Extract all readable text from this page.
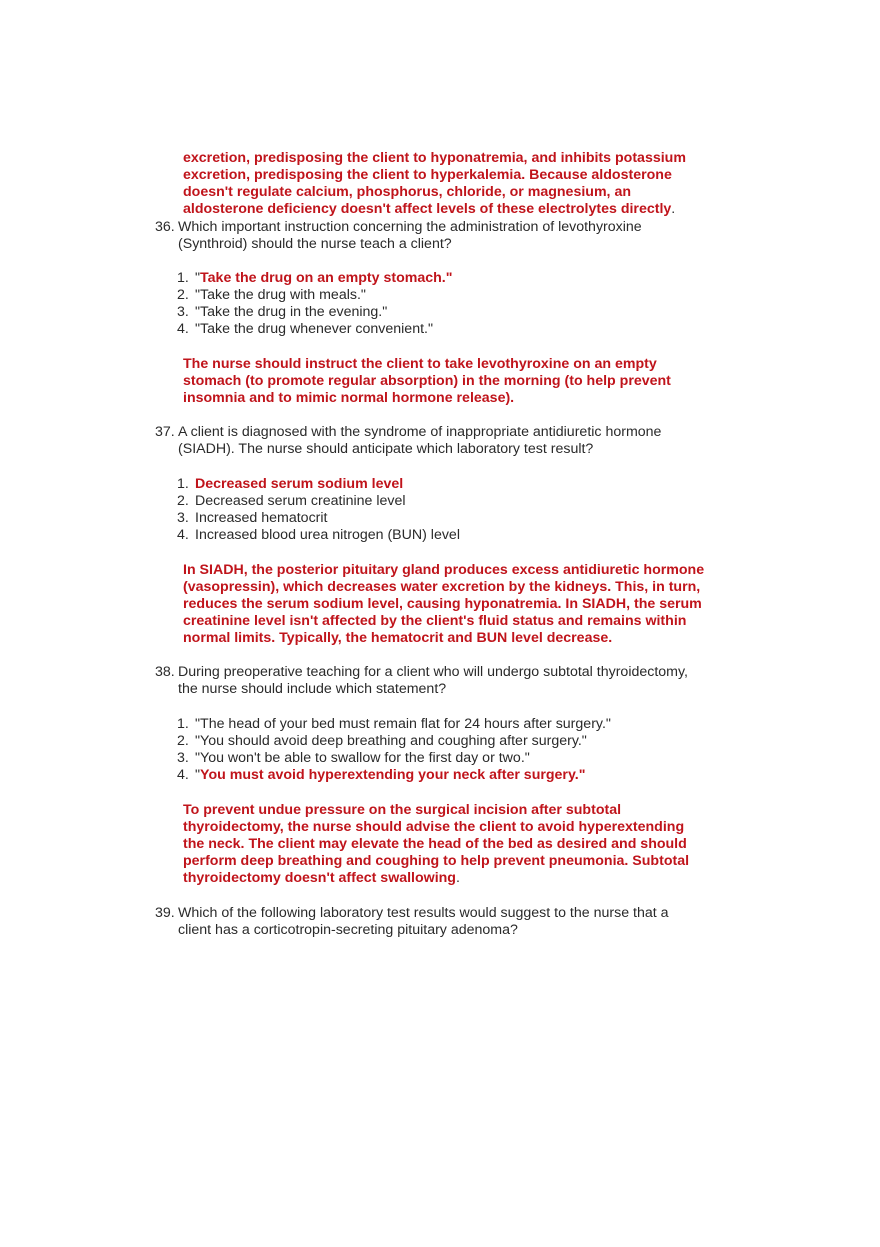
excretion, predisposing the client to hyponatremia, and inhibits potassium
excretion, predisposing the client to hyperkalemia. Because aldosterone
doesn't regulate calcium, phosphorus, chloride, or magnesium, an
aldosterone deficiency doesn't affect levels of these electrolytes directly.
36. Which important instruction concerning the administration of levothyroxine
(Synthroid) should the nurse teach a client?
1. "Take the drug on an empty stomach."
2. "Take the drug with meals."
3. "Take the drug in the evening."
4. "Take the drug whenever convenient."
The nurse should instruct the client to take levothyroxine on an empty
stomach (to promote regular absorption) in the morning (to help prevent
insomnia and to mimic normal hormone release).
37. A client is diagnosed with the syndrome of inappropriate antidiuretic hormone
(SIADH). The nurse should anticipate which laboratory test result?
1. Decreased serum sodium level
2. Decreased serum creatinine level
3. Increased hematocrit
4. Increased blood urea nitrogen (BUN) level
In SIADH, the posterior pituitary gland produces excess antidiuretic hormone
(vasopressin), which decreases water excretion by the kidneys. This, in turn,
reduces the serum sodium level, causing hyponatremia. In SIADH, the serum
creatinine level isn't affected by the client's fluid status and remains within
normal limits. Typically, the hematocrit and BUN level decrease.
38. During preoperative teaching for a client who will undergo subtotal thyroidectomy,
the nurse should include which statement?
1. "The head of your bed must remain flat for 24 hours after surgery."
2. "You should avoid deep breathing and coughing after surgery."
3. "You won't be able to swallow for the first day or two."
4. "You must avoid hyperextending your neck after surgery."
To prevent undue pressure on the surgical incision after subtotal
thyroidectomy, the nurse should advise the client to avoid hyperextending
the neck. The client may elevate the head of the bed as desired and should
perform deep breathing and coughing to help prevent pneumonia. Subtotal
thyroidectomy doesn't affect swallowing.
39. Which of the following laboratory test results would suggest to the nurse that a
client has a corticotropin-secreting pituitary adenoma?
